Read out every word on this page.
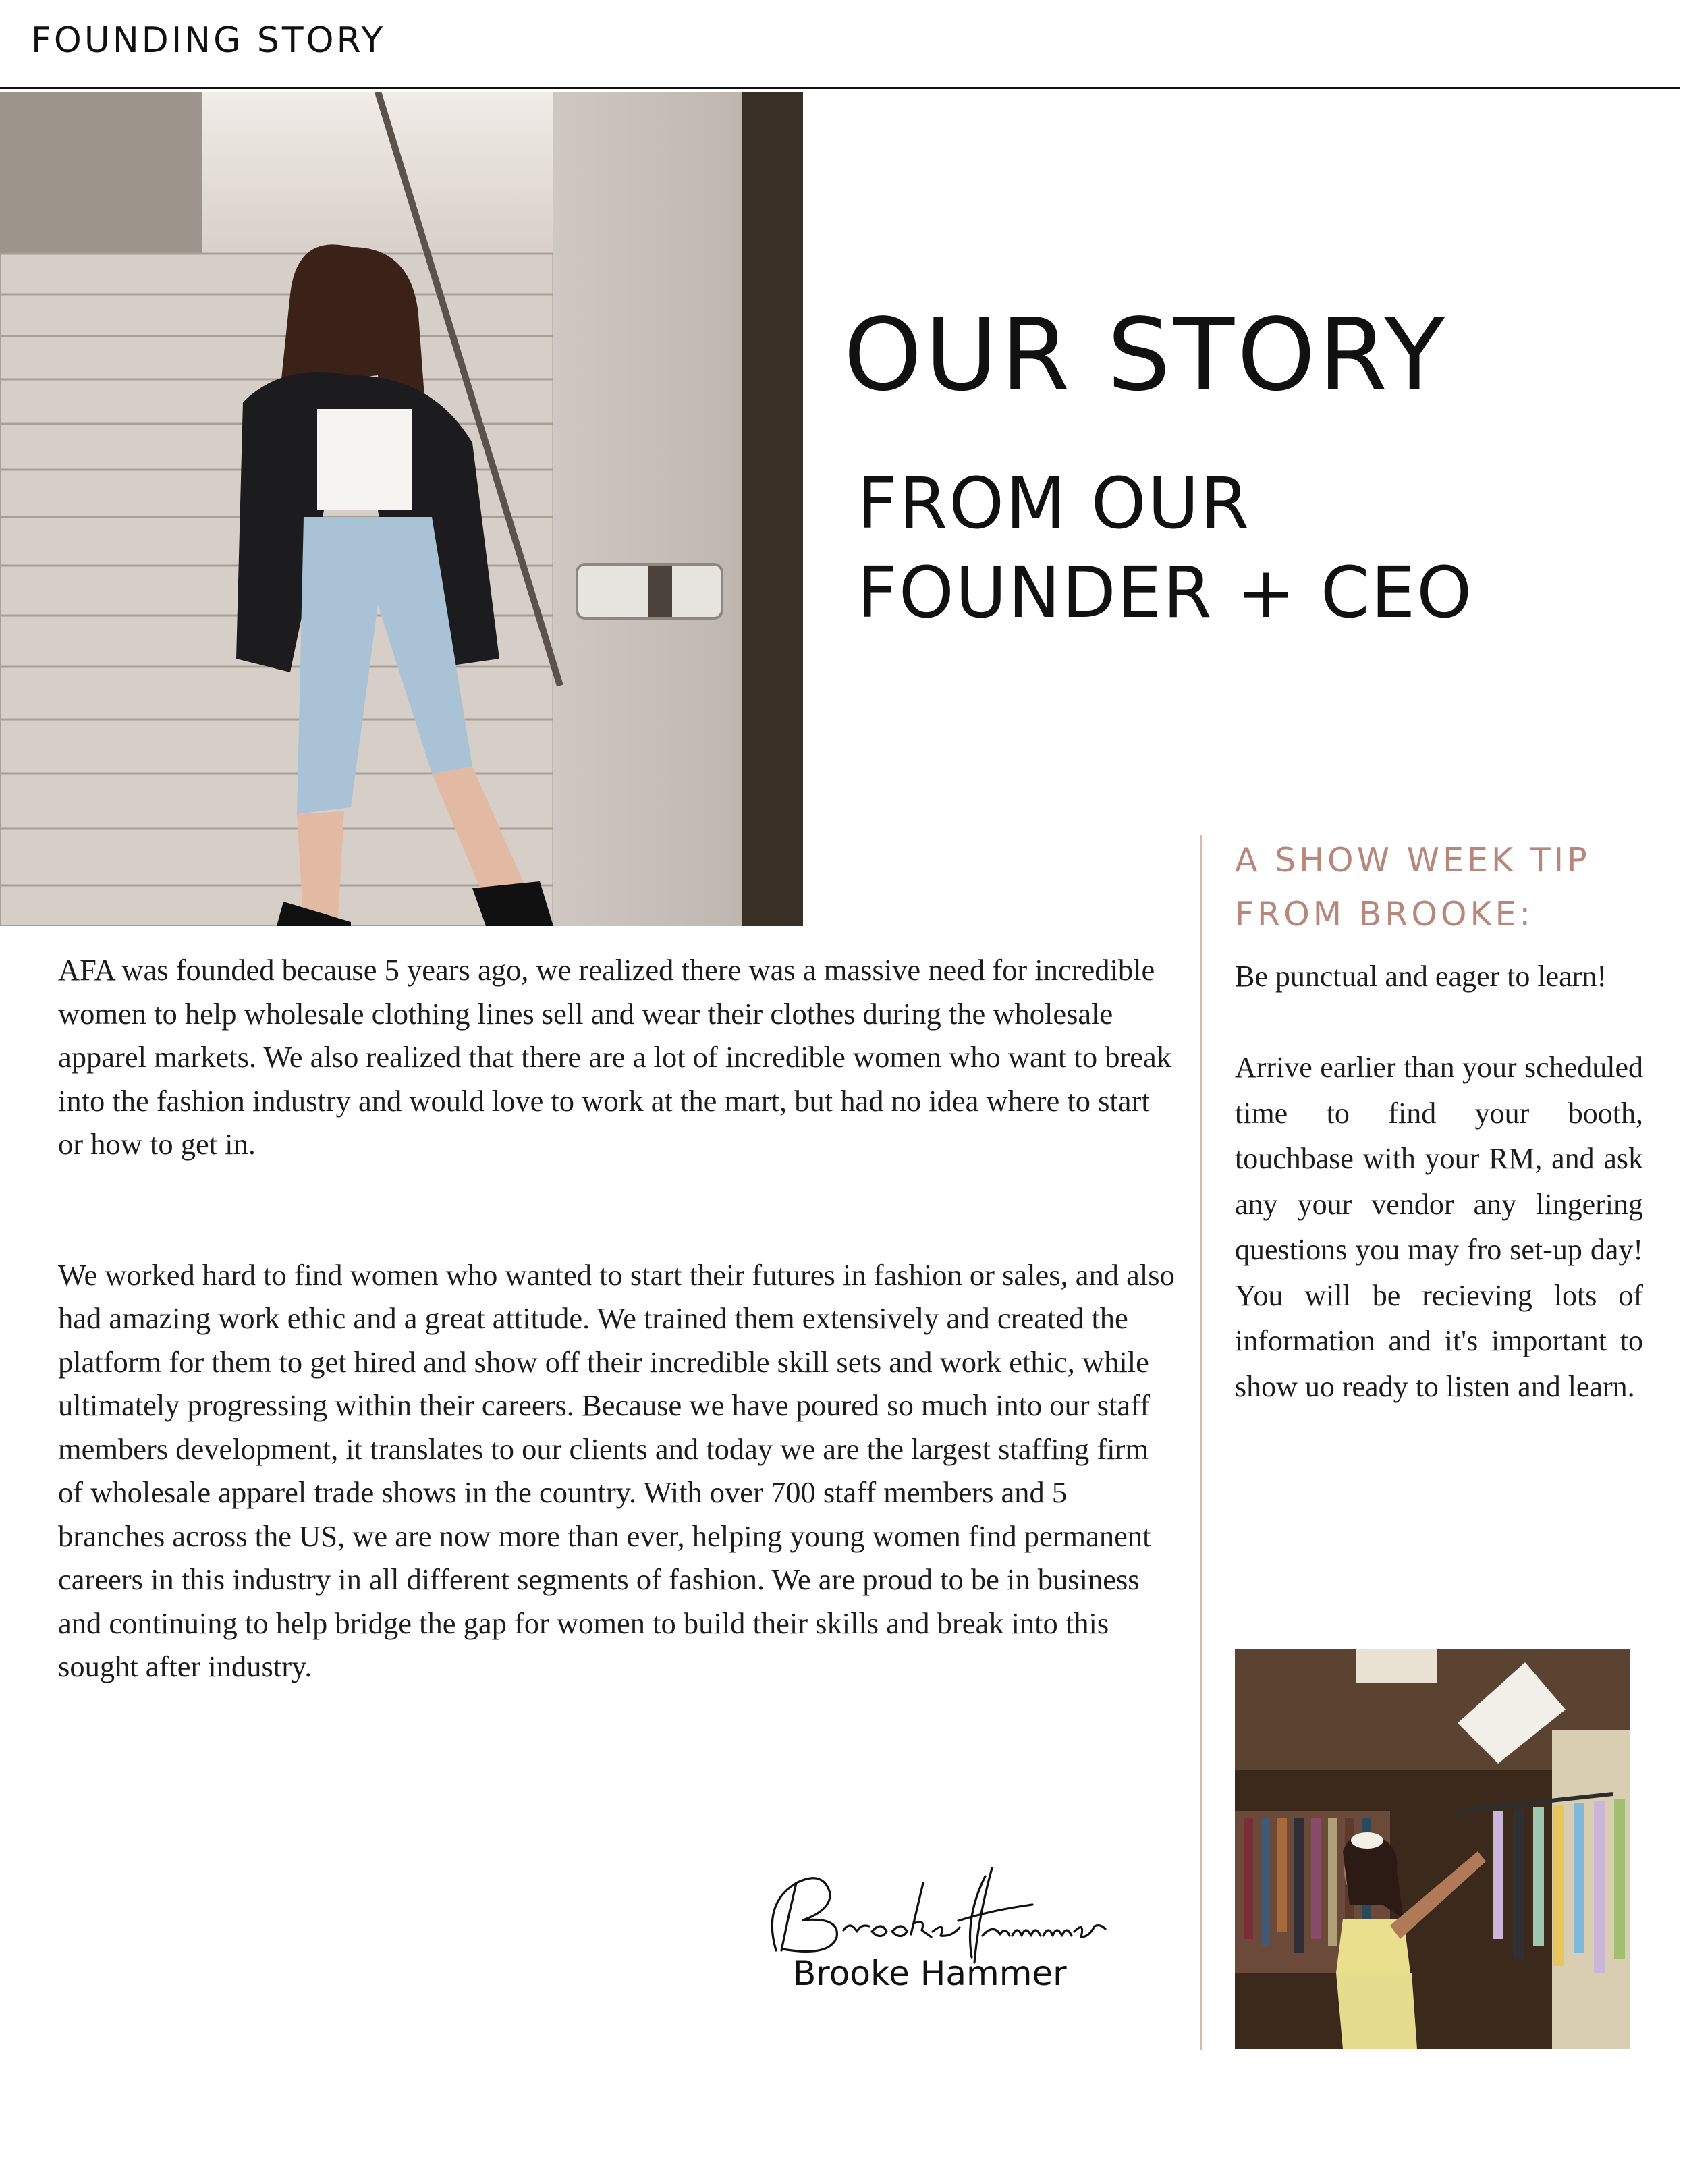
FOUNDING STORY
OUR STORY
FROM OUR
FOUNDER + CEO

AFA was founded because 5 years ago, we realized there was a massive need for incredible women to help wholesale clothing lines sell and wear their clothes during the wholesale apparel markets. We also realized that there are a lot of incredible women who want to break into the fashion industry and would love to work at the mart, but had no idea where to start or how to get in.

We worked hard to find women who wanted to start their futures in fashion or sales, and also had amazing work ethic and a great attitude. We trained them extensively and created the platform for them to get hired and show off their incredible skill sets and work ethic, while ultimately progressing within their careers. Because we have poured so much into our staff members development, it translates to our clients and today we are the largest staffing firm of wholesale apparel trade shows in the country. With over 700 staff members and 5 branches across the US, we are now more than ever, helping young women find permanent careers in this industry in all different segments of fashion. We are proud to be in business and continuing to help bridge the gap for women to build their skills and break into this sought after industry.

Brooke Hammer
A SHOW WEEK TIP
FROM BROOKE:

Be punctual and eager to learn!

Arrive earlier than your scheduled time to find your booth, touchbase with your RM, and ask any your vendor any lingering questions you may fro set-up day! You will be recieving lots of information and it's important to show uo ready to listen and learn.
